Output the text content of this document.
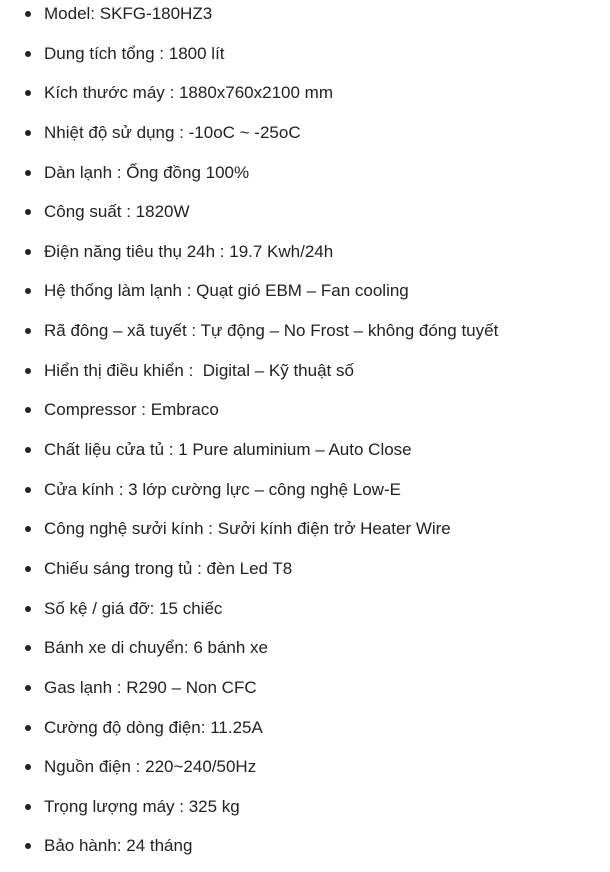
Model: SKFG-180HZ3
Dung tích tổng : 1800 lít
Kích thước máy : 1880x760x2100 mm
Nhiệt độ sử dụng : -10oC ~ -25oC
Dàn lạnh : Ống đồng 100%
Công suất : 1820W
Điện năng tiêu thụ 24h : 19.7 Kwh/24h
Hệ thống làm lạnh : Quạt gió EBM – Fan cooling
Rã đông – xã tuyết : Tự động – No Frost – không đóng tuyết
Hiển thị điều khiển :  Digital – Kỹ thuật số
Compressor : Embraco
Chất liệu cửa tủ : 1 Pure aluminium – Auto Close
Cửa kính : 3 lớp cường lực – công nghệ Low-E
Công nghệ sưởi kính : Sưởi kính điện trở Heater Wire
Chiếu sáng trong tủ : đèn Led T8
Số kệ / giá đỡ: 15 chiếc
Bánh xe di chuyển: 6 bánh xe
Gas lạnh : R290 – Non CFC
Cường độ dòng điện: 11.25A
Nguồn điện : 220~240/50Hz
Trọng lượng máy : 325 kg
Bảo hành: 24 tháng
